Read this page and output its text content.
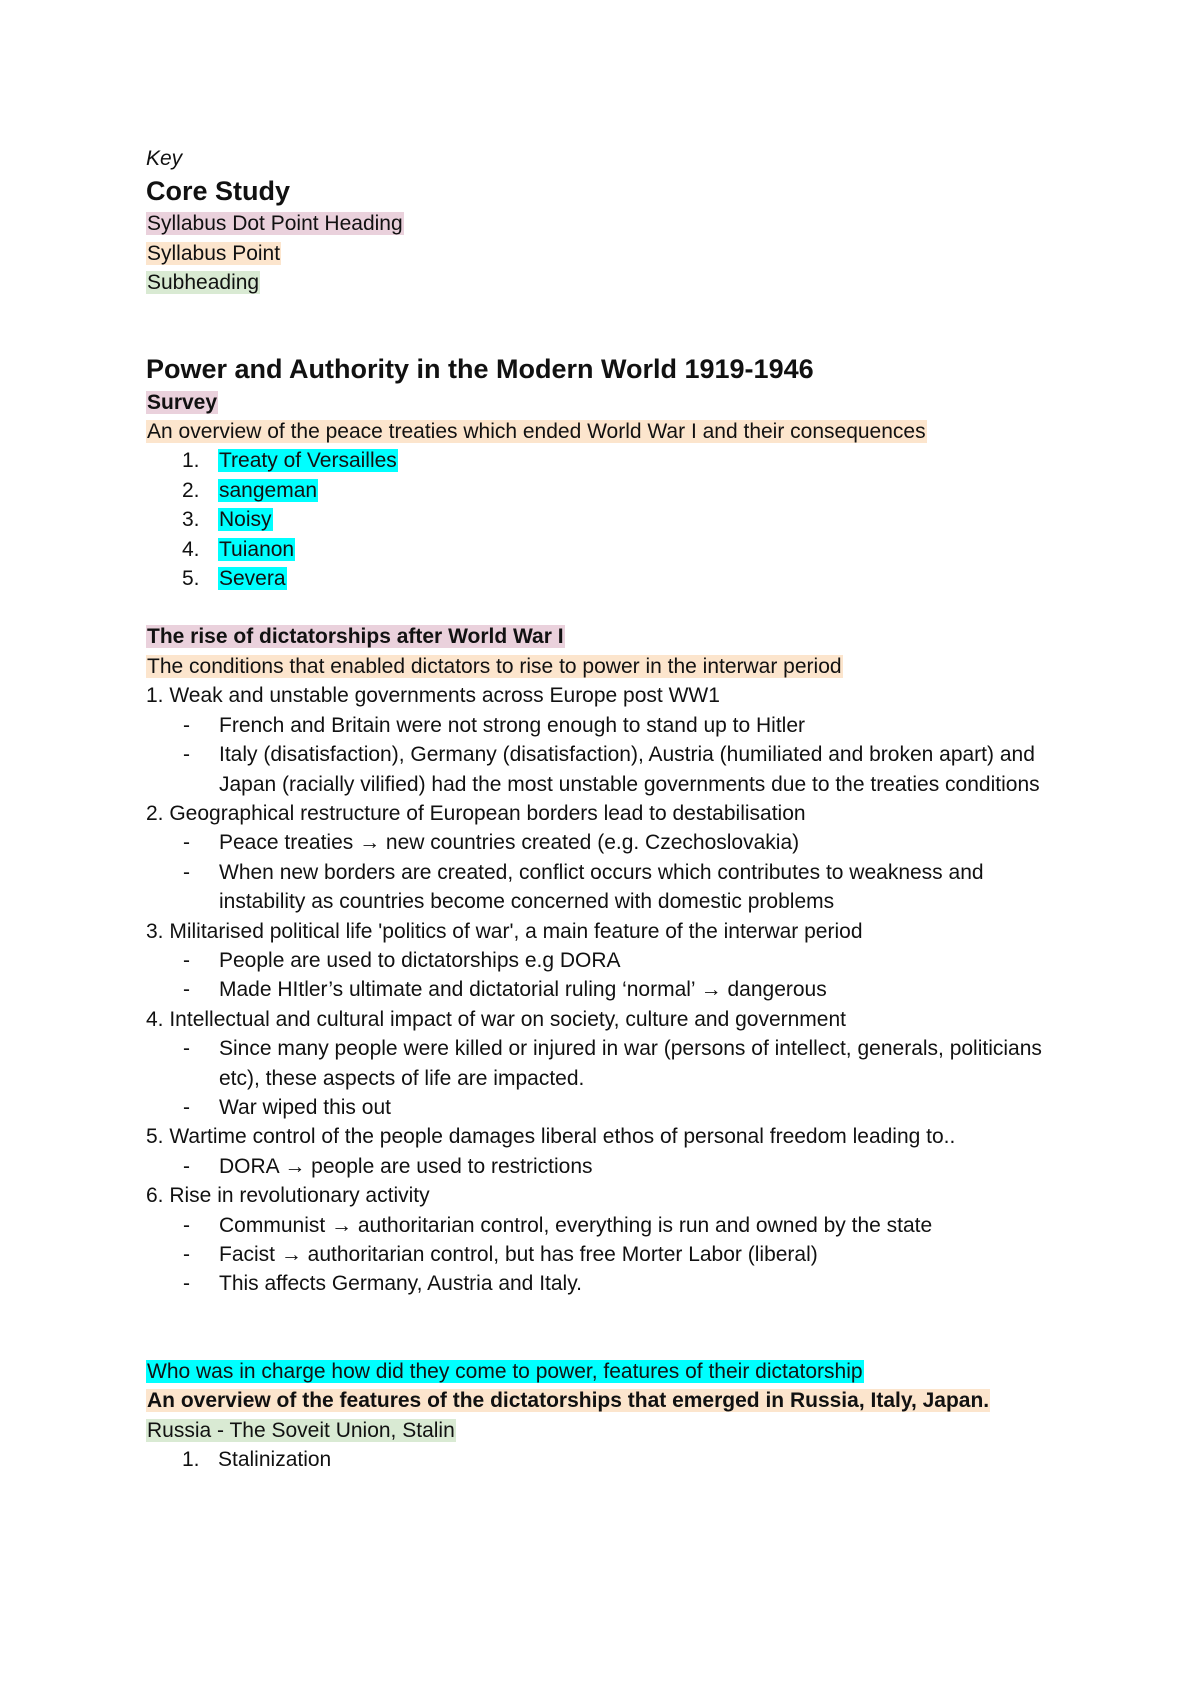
Key
Core Study
Syllabus Dot Point Heading
Syllabus Point
Subheading
Power and Authority in the Modern World 1919-1946
Survey
An overview of the peace treaties which ended World War I and their consequences
1. Treaty of Versailles
2. sangeman
3. Noisy
4. Tuianon
5. Severa
The rise of dictatorships after World War I
The conditions that enabled dictators to rise to power in the interwar period
1. Weak and unstable governments across Europe post WW1
- French and Britain were not strong enough to stand up to Hitler
- Italy (disatisfaction), Germany (disatisfaction), Austria (humiliated and broken apart) and Japan (racially vilified) had the most unstable governments due to the treaties conditions
2. Geographical restructure of European borders lead to destabilisation
- Peace treaties → new countries created (e.g. Czechoslovakia)
- When new borders are created, conflict occurs which contributes to weakness and instability as countries become concerned with domestic problems
3. Militarised political life 'politics of war', a main feature of the interwar period
- People are used to dictatorships e.g DORA
- Made HItler’s ultimate and dictatorial ruling ‘normal’ → dangerous
4. Intellectual and cultural impact of war on society, culture and government
- Since many people were killed or injured in war (persons of intellect, generals, politicians etc), these aspects of life are impacted.
- War wiped this out
5. Wartime control of the people damages liberal ethos of personal freedom leading to..
- DORA → people are used to restrictions
6. Rise in revolutionary activity
- Communist → authoritarian control, everything is run and owned by the state
- Facist → authoritarian control, but has free Morter Labor (liberal)
- This affects Germany, Austria and Italy.
Who was in charge how did they come to power, features of their dictatorship
An overview of the features of the dictatorships that emerged in Russia, Italy, Japan.
Russia - The Soveit Union, Stalin
1. Stalinization
